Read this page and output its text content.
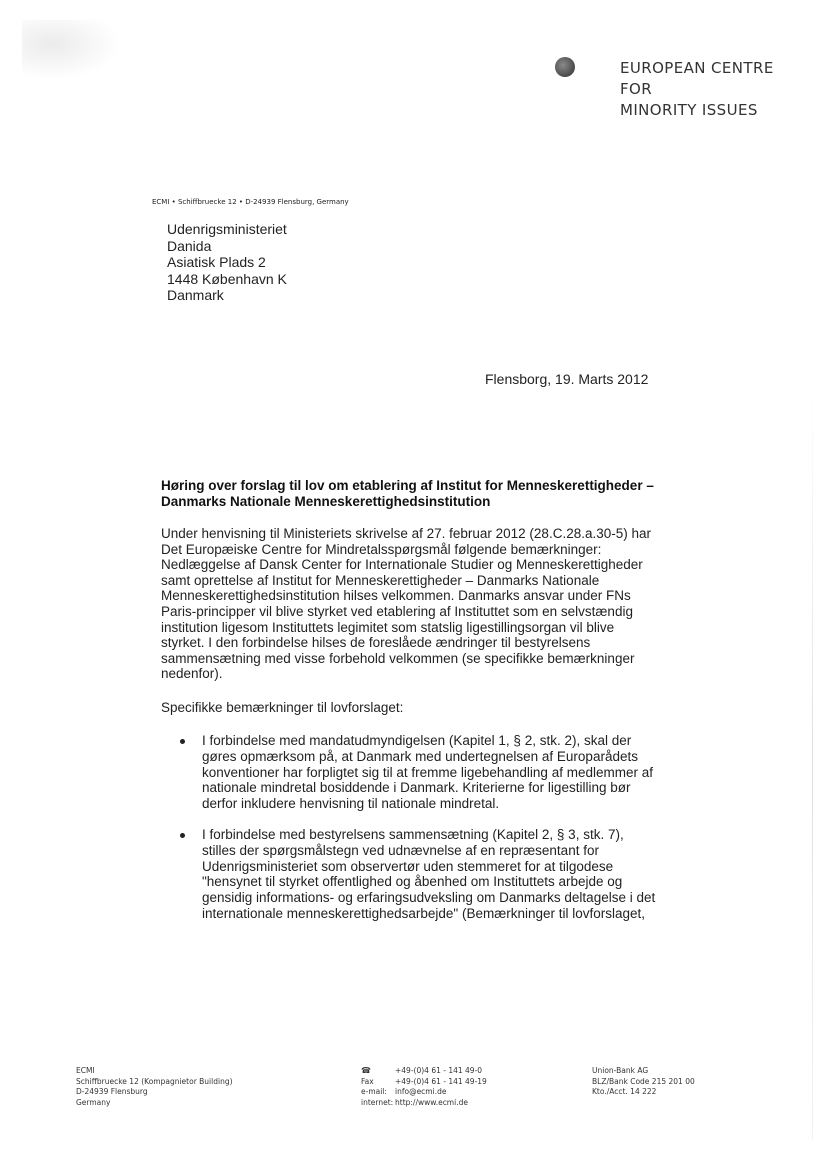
EUROPEAN CENTRE
FOR
MINORITY ISSUES
ECMI • Schiffbruecke 12 • D-24939 Flensburg, Germany
Udenrigsministeriet
Danida
Asiatisk Plads 2
1448 København K
Danmark
Flensborg, 19. Marts 2012
Høring over forslag til lov om etablering af Institut for Menneskerettigheder –
Danmarks Nationale Menneskerettighedsinstitution
Under henvisning til Ministeriets skrivelse af 27. februar 2012 (28.C.28.a.30-5) har
Det Europæiske Centre for Mindretalsspørgsmål følgende bemærkninger:
Nedlæggelse af Dansk Center for Internationale Studier og Menneskerettigheder
samt oprettelse af Institut for Menneskerettigheder – Danmarks Nationale
Menneskerettighedsinstitution hilses velkommen. Danmarks ansvar under FNs
Paris-principper vil blive styrket ved etablering af Instituttet som en selvstændig
institution ligesom Instituttets legimitet som statslig ligestillingsorgan vil blive
styrket. I den forbindelse hilses de foreslåede ændringer til bestyrelsens
sammensætning med visse forbehold velkommen (se specifikke bemærkninger
nedenfor).
Specifikke bemærkninger til lovforslaget:
I forbindelse med mandatudmyndigelsen (Kapitel 1, § 2, stk. 2), skal der
gøres opmærksom på, at Danmark med undertegnelsen af Europarådets
konventioner har forpligtet sig til at fremme ligebehandling af medlemmer af
nationale mindretal bosiddende i Danmark. Kriterierne for ligestilling bør
derfor inkludere henvisning til nationale mindretal.
I forbindelse med bestyrelsens sammensætning (Kapitel 2, § 3, stk. 7),
stilles der spørgsmålstegn ved udnævnelse af en repræsentant for
Udenrigsministeriet som observertør uden stemmeret for at tilgodese
"hensynet til styrket offentlighed og åbenhed om Instituttets arbejde og
gensidig informations- og erfaringsudveksling om Danmarks deltagelse i det
internationale menneskerettighedsarbejde" (Bemærkninger til lovforslaget,
ECMI
Schiffbruecke 12 (Kompagnietor Building)
D-24939 Flensburg
Germany
☎	+49-(0)4 61 - 141 49-0
Fax	+49-(0)4 61 - 141 49-19
e-mail:	info@ecmi.de
internet: http://www.ecmi.de
Union-Bank AG
BLZ/Bank Code 215 201 00
Kto./Acct. 14 222
